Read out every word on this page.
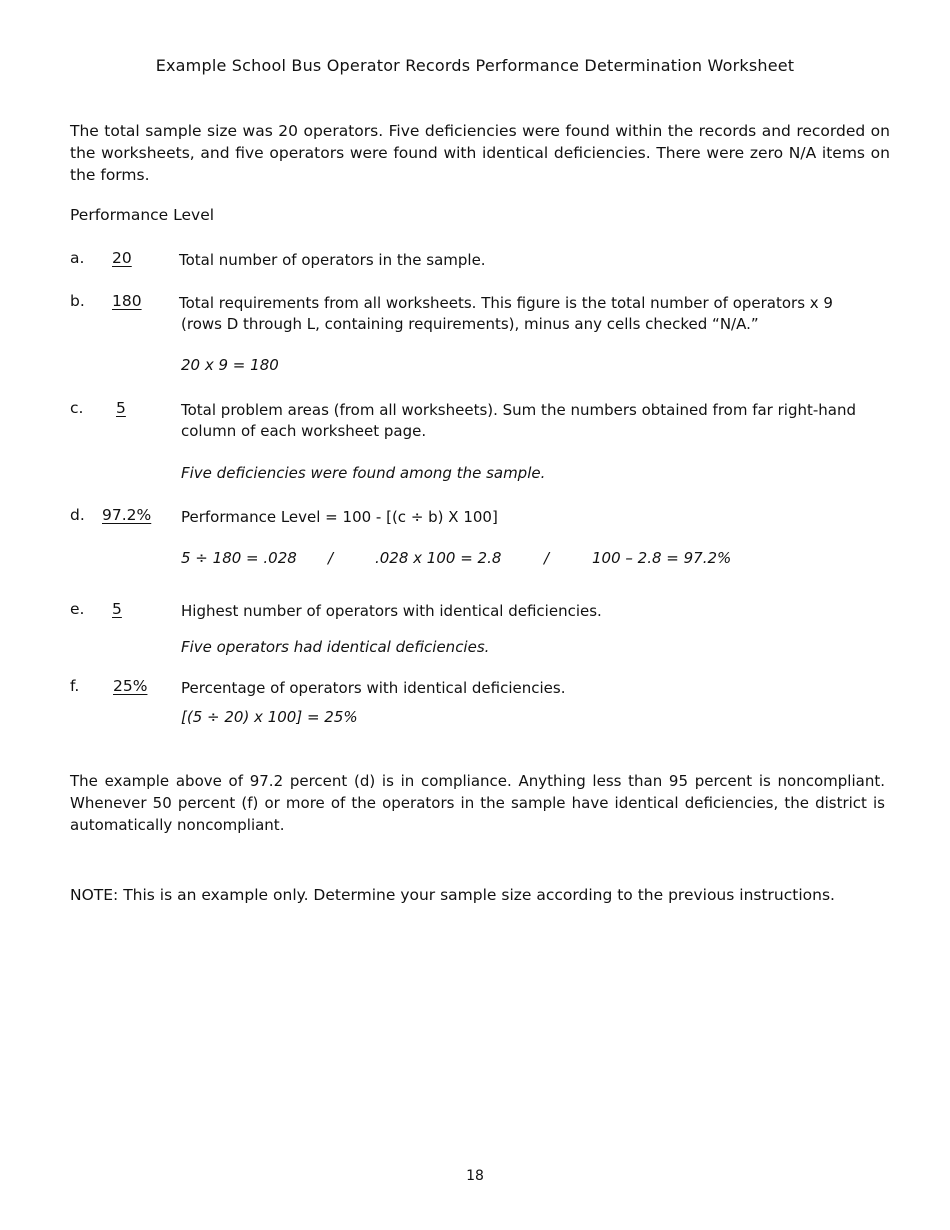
Example School Bus Operator Records Performance Determination Worksheet
The total sample size was 20 operators. Five deficiencies were found within the records and recorded on the worksheets, and five operators were found with identical deficiencies. There were zero N/A items on the forms.
Performance Level
a. 20	Total number of operators in the sample.
b. 180 Total requirements from all worksheets. This figure is the total number of operators x 9
(rows D through L, containing requirements), minus any cells checked “N/A.”
20 x 9 = 180
c. 5	Total problem areas (from all worksheets). Sum the numbers obtained from far right-hand
column of each worksheet page.
Five deficiencies were found among the sample.
d. 97.2% Performance Level = 100 - [(c ÷ b) X 100]
5 ÷ 180 = .028 /	.028 x 100 = 2.8	/	100 – 2.8 = 97.2%
e. 5	Highest number of operators with identical deficiencies.
Five operators had identical deficiencies.
f. 25% Percentage of operators with identical deficiencies.
[(5 ÷ 20) x 100] = 25%
The example above of 97.2 percent (d) is in compliance. Anything less than 95 percent is noncompliant. Whenever 50 percent (f) or more of the operators in the sample have identical deficiencies, the district is automatically noncompliant.
NOTE: This is an example only. Determine your sample size according to the previous instructions.
18
